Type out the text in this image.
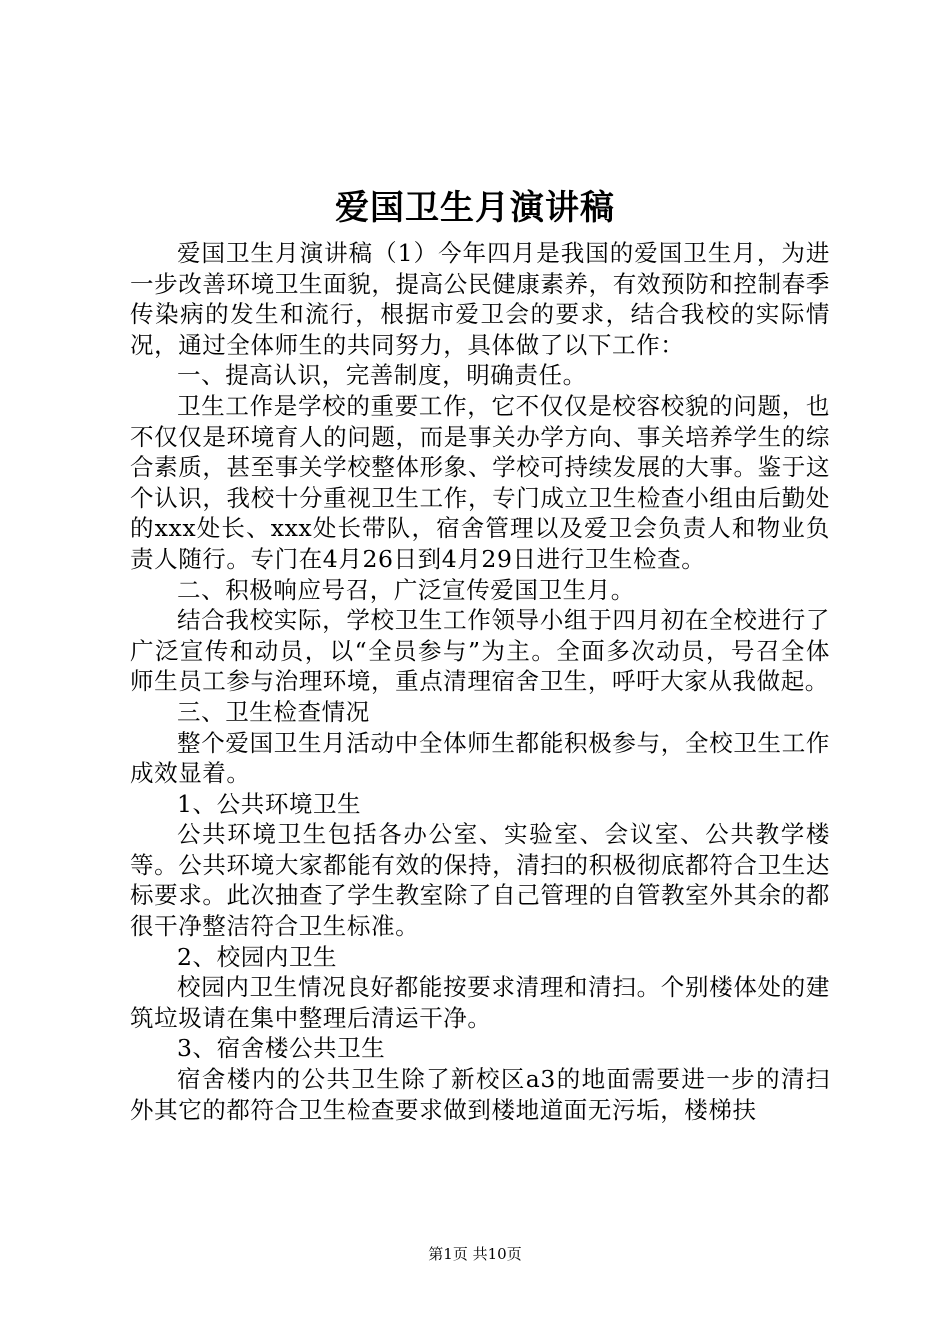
爱国卫生月演讲稿

爱国卫生月演讲稿（1）今年四月是我国的爱国卫生月，为进一步改善环境卫生面貌，提高公民健康素养，有效预防和控制春季传染病的发生和流行，根据市爱卫会的要求，结合我校的实际情况，通过全体师生的共同努力，具体做了以下工作：

一、提高认识，完善制度，明确责任。

卫生工作是学校的重要工作，它不仅仅是校容校貌的问题，也不仅仅是环境育人的问题，而是事关办学方向、事关培养学生的综合素质，甚至事关学校整体形象、学校可持续发展的大事。鉴于这个认识，我校十分重视卫生工作，专门成立卫生检查小组由后勤处的xxx处长、xxx处长带队，宿舍管理以及爱卫会负责人和物业负责人随行。专门在4月26日到4月29日进行卫生检查。

二、积极响应号召，广泛宣传爱国卫生月。

结合我校实际，学校卫生工作领导小组于四月初在全校进行了广泛宣传和动员，以“全员参与”为主。全面多次动员，号召全体师生员工参与治理环境，重点清理宿舍卫生，呼吁大家从我做起。

三、卫生检查情况

整个爱国卫生月活动中全体师生都能积极参与，全校卫生工作成效显着。

1、公共环境卫生

公共环境卫生包括各办公室、实验室、会议室、公共教学楼等。公共环境大家都能有效的保持，清扫的积极彻底都符合卫生达标要求。此次抽查了学生教室除了自己管理的自管教室外其余的都很干净整洁符合卫生标准。

2、校园内卫生

校园内卫生情况良好都能按要求清理和清扫。个别楼体处的建筑垃圾请在集中整理后清运干净。

3、宿舍楼公共卫生

宿舍楼内的公共卫生除了新校区a3的地面需要进一步的清扫外其它的都符合卫生检查要求做到楼地道面无污垢，楼梯扶

第1页 共10页
